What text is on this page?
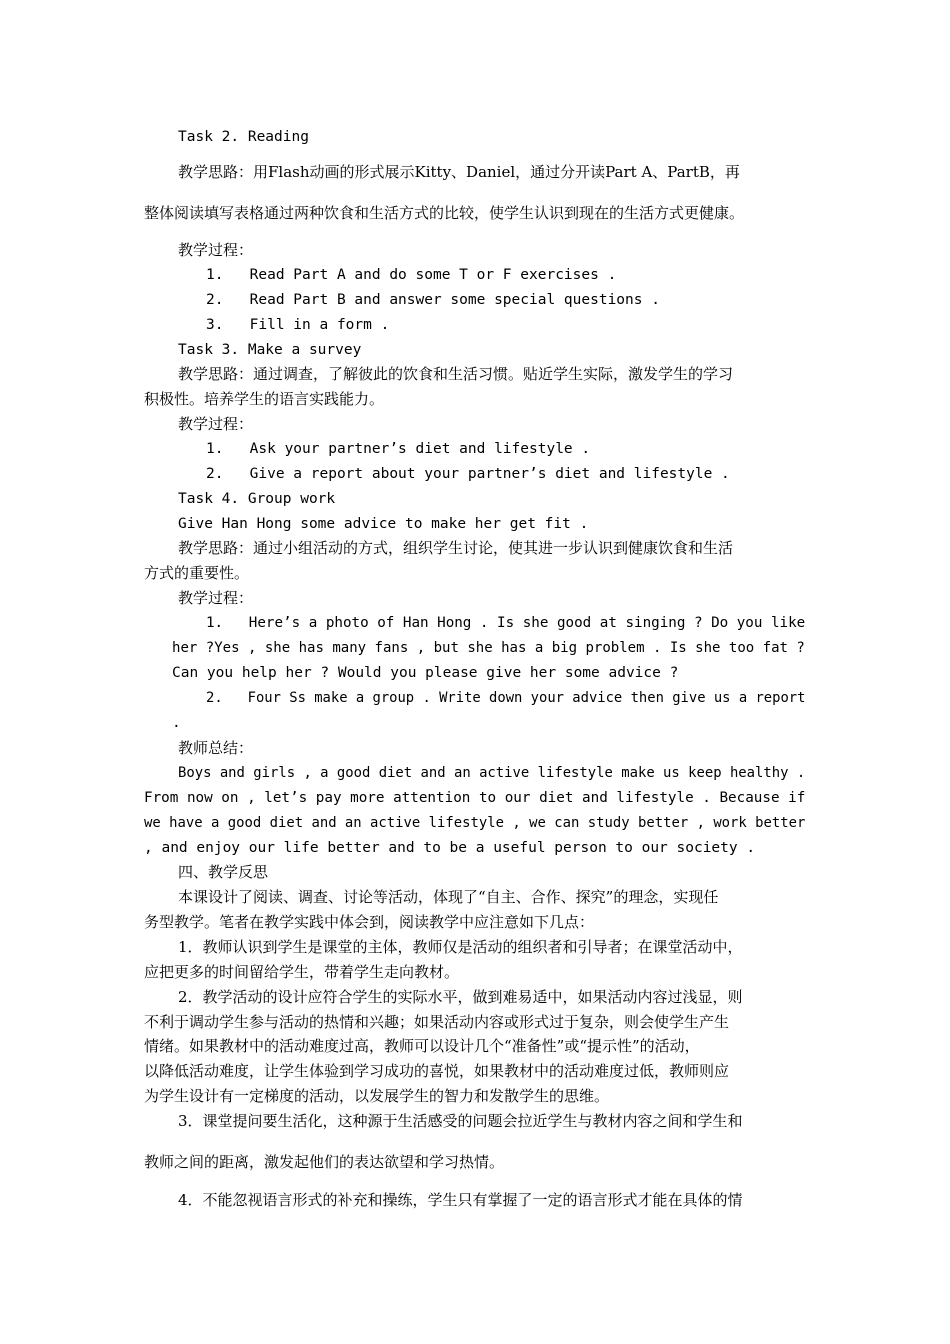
Task 2. Reading
教学思路：用Flash动画的形式展示Kitty、Daniel，通过分开读Part A、PartB，再
整体阅读填写表格通过两种饮食和生活方式的比较，使学生认识到现在的生活方式更健康。
教学过程：
1.   Read Part A and do some T or F exercises .
2.   Read Part B and answer some special questions .
3.   Fill in a form .
Task 3. Make a survey
教学思路：通过调查，了解彼此的饮食和生活习惯。贴近学生实际，激发学生的学习
积极性。培养学生的语言实践能力。
教学过程：
1.   Ask your partner’s diet and lifestyle .
2.   Give a report about your partner’s diet and lifestyle .
Task 4. Group work
Give Han Hong some advice to make her get fit .
教学思路：通过小组活动的方式，组织学生讨论，使其进一步认识到健康饮食和生活
方式的重要性。
教学过程：
1.   Here’s a photo of Han Hong . Is she good at singing ? Do you like
her ?Yes , she has many fans , but she has a big problem . Is she too fat ?
Can you help her ? Would you please give her some advice ?
2.   Four Ss make a group . Write down your advice then give us a report
.
教师总结：
Boys and girls , a good diet and an active lifestyle make us keep healthy .
From now on , let’s pay more attention to our diet and lifestyle . Because if
we have a good diet and an active lifestyle , we can study better , work better
, and enjoy our life better and to be a useful person to our society .
四、教学反思
本课设计了阅读、调查、讨论等活动，体现了“自主、合作、探究”的理念，实现任
务型教学。笔者在教学实践中体会到，阅读教学中应注意如下几点：
1．教师认识到学生是课堂的主体，教师仅是活动的组织者和引导者；在课堂活动中，
应把更多的时间留给学生，带着学生走向教材。
2．教学活动的设计应符合学生的实际水平，做到难易适中，如果活动内容过浅显，则
不利于调动学生参与活动的热情和兴趣；如果活动内容或形式过于复杂，则会使学生产生
情绪。如果教材中的活动难度过高，教师可以设计几个“准备性”或“提示性”的活动，
以降低活动难度，让学生体验到学习成功的喜悦，如果教材中的活动难度过低，教师则应
为学生设计有一定梯度的活动，以发展学生的智力和发散学生的思维。
3．课堂提问要生活化，这种源于生活感受的问题会拉近学生与教材内容之间和学生和
教师之间的距离，激发起他们的表达欲望和学习热情。
4．不能忽视语言形式的补充和操练，学生只有掌握了一定的语言形式才能在具体的情
